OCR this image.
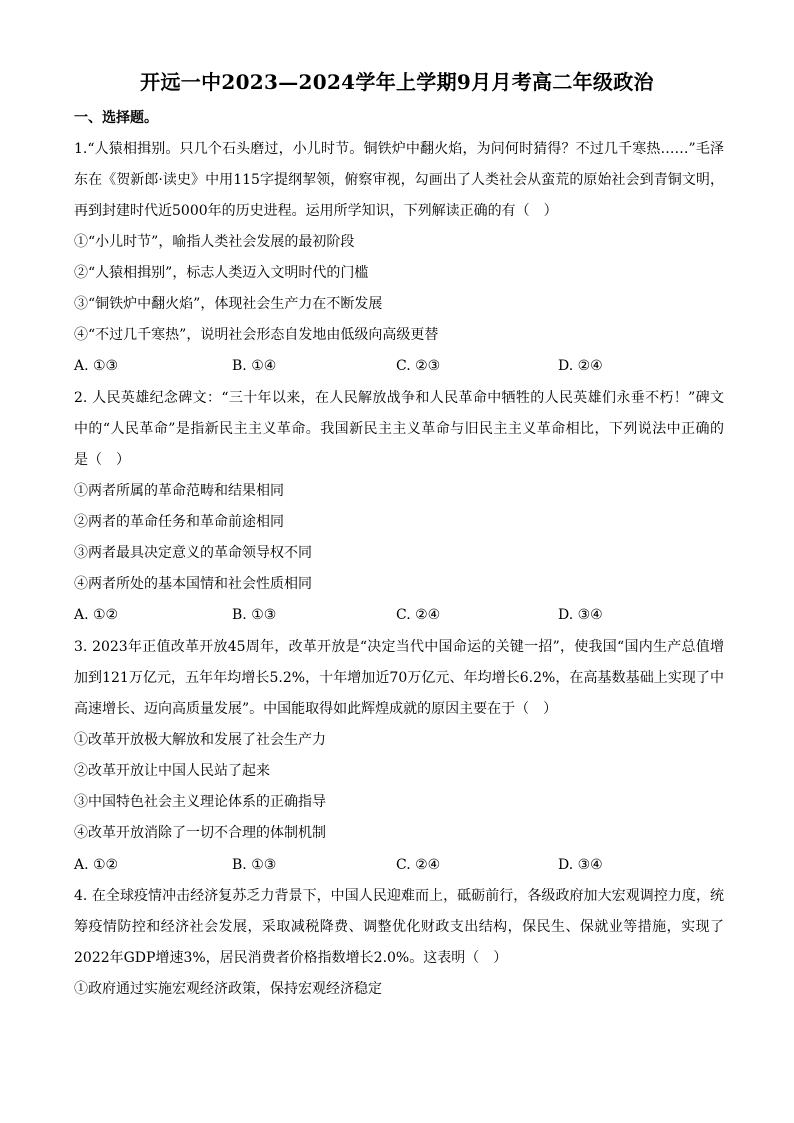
开远一中2023—2024学年上学期9月月考高二年级政治
一、选择题。
1.“人猿相揖别。只几个石头磨过，小儿时节。铜铁炉中翻火焰，为问何时猜得？不过几千寒热……”毛泽
东在《贺新郎·读史》中用115字提纲挈领，俯察审视，勾画出了人类社会从蛮荒的原始社会到青铜文明，
再到封建时代近5000年的历史进程。运用所学知识，下列解读正确的有（　）
①“小儿时节”，喻指人类社会发展的最初阶段
②“人猿相揖别”，标志人类迈入文明时代的门槛
③“铜铁炉中翻火焰”，体现社会生产力在不断发展
④“不过几千寒热”，说明社会形态自发地由低级向高级更替
A. ①③	B. ①④	C. ②③	D. ②④
2. 人民英雄纪念碑文：“三十年以来，在人民解放战争和人民革命中牺牲的人民英雄们永垂不朽！”碑文
中的“人民革命”是指新民主主义革命。我国新民主主义革命与旧民主主义革命相比，下列说法中正确的
是（　）
①两者所属的革命范畴和结果相同
②两者的革命任务和革命前途相同
③两者最具决定意义的革命领导权不同
④两者所处的基本国情和社会性质相同
A. ①②	B. ①③	C. ②④	D. ③④
3. 2023年正值改革开放45周年，改革开放是“决定当代中国命运的关键一招”，使我国“国内生产总值增
加到121万亿元，五年年均增长5.2%，十年增加近70万亿元、年均增长6.2%，在高基数基础上实现了中
高速增长、迈向高质量发展”。中国能取得如此辉煌成就的原因主要在于（　）
①改革开放极大解放和发展了社会生产力
②改革开放让中国人民站了起来
③中国特色社会主义理论体系的正确指导
④改革开放消除了一切不合理的体制机制
A. ①②	B. ①③	C. ②④	D. ③④
4. 在全球疫情冲击经济复苏乏力背景下，中国人民迎难而上，砥砺前行，各级政府加大宏观调控力度，统
筹疫情防控和经济社会发展，采取减税降费、调整优化财政支出结构，保民生、保就业等措施，实现了
2022年GDP增速3%，居民消费者价格指数增长2.0%。这表明（　）
①政府通过实施宏观经济政策，保持宏观经济稳定
